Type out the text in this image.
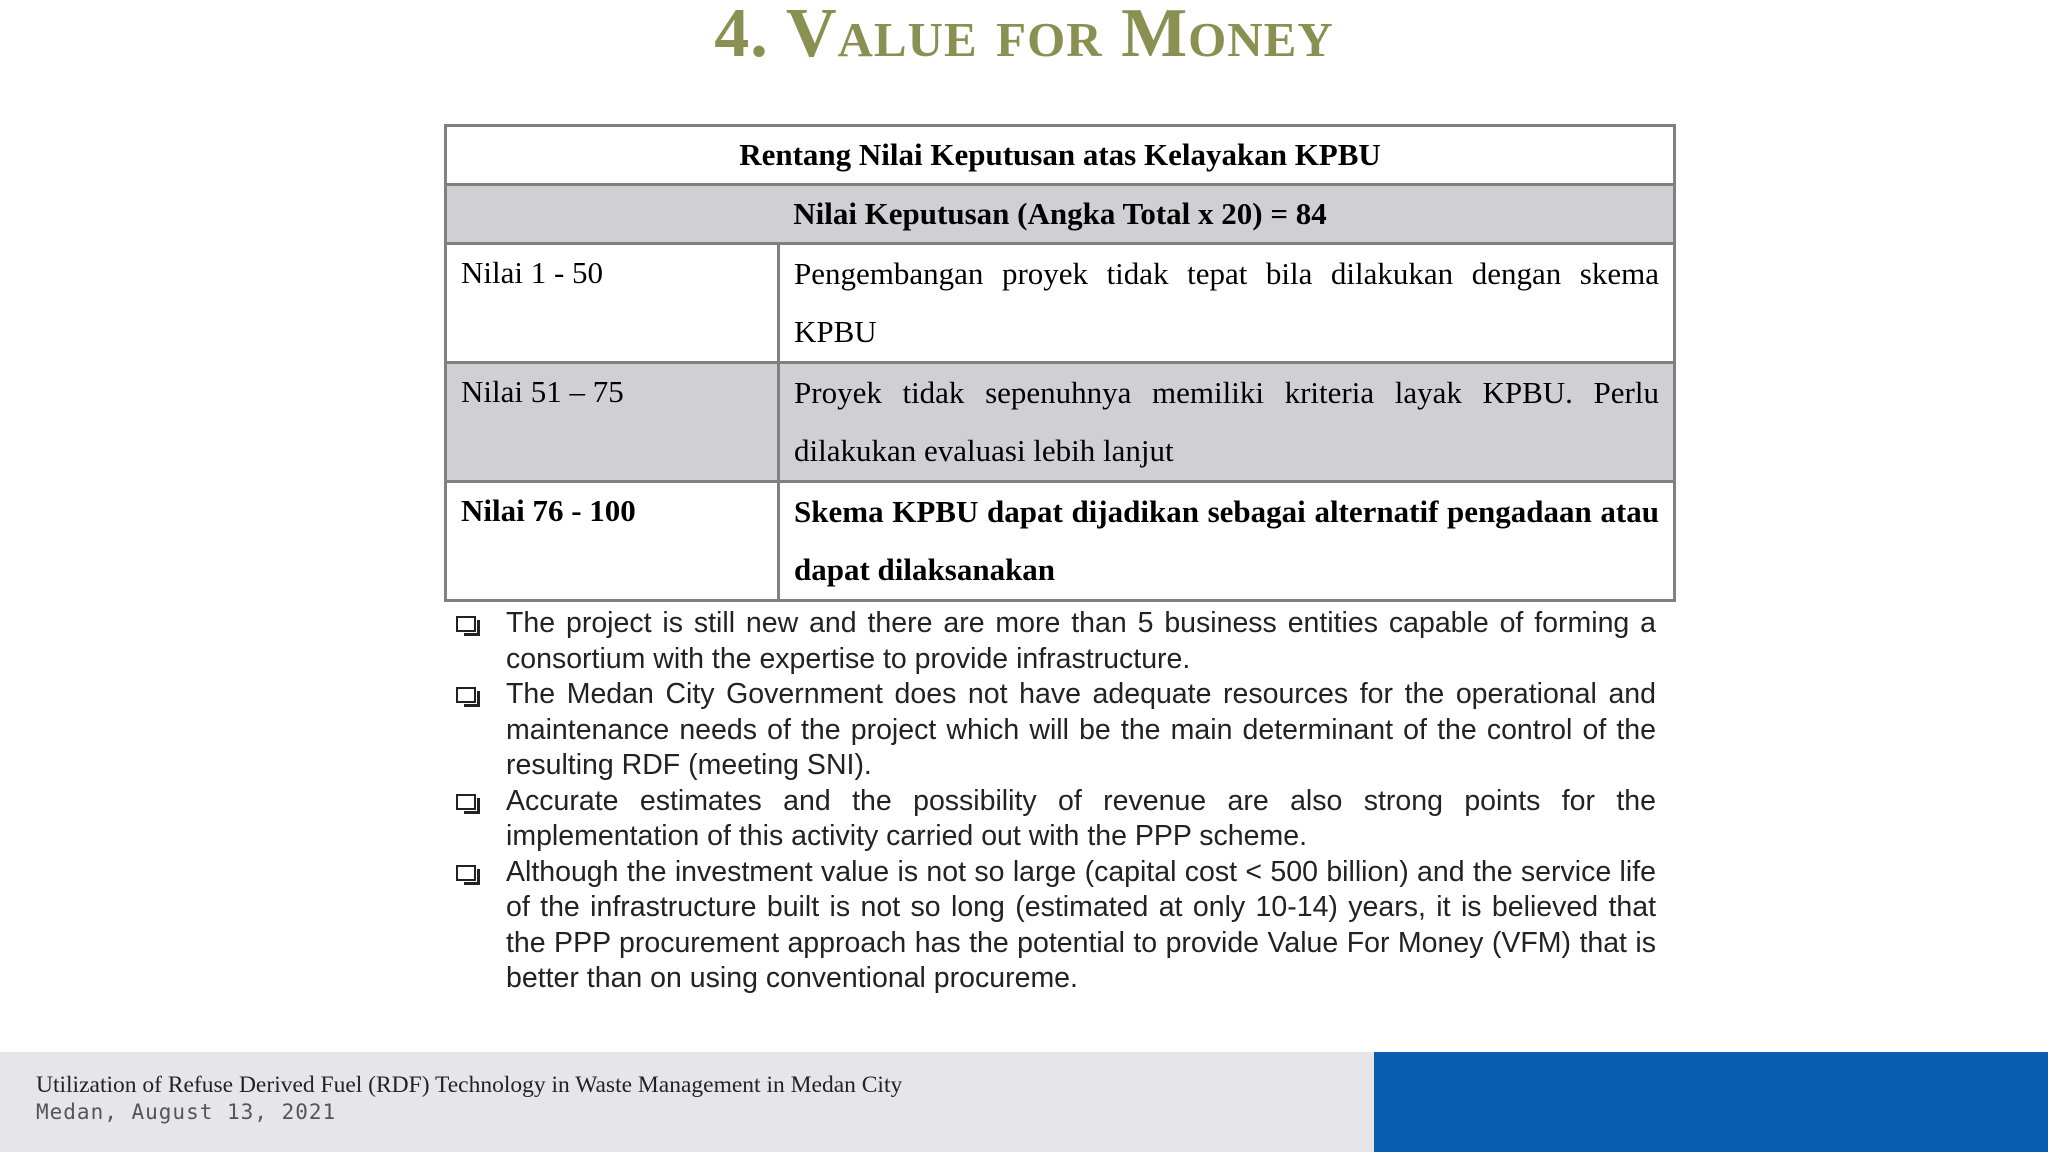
4. Value for Money
Rentang Nilai Keputusan atas Kelayakan KPBU	
Nilai Keputusan (Angka Total x 20) = 84	
Nilai 1 - 50	Pengembangan proyek tidak tepat bila dilakukan dengan skema KPBU
Nilai 51 – 75	Proyek tidak sepenuhnya memiliki kriteria layak KPBU. Perlu dilakukan evaluasi lebih lanjut
Nilai 76 - 100	Skema KPBU dapat dijadikan sebagai alternatif pengadaan atau dapat dilaksanakan
The project is still new and there are more than 5 business entities capable of forming a consortium with the expertise to provide infrastructure.
The Medan City Government does not have adequate resources for the operational and maintenance needs of the project which will be the main determinant of the control of the resulting RDF (meeting SNI).
Accurate estimates and the possibility of revenue are also strong points for the implementation of this activity carried out with the PPP scheme.
Although the investment value is not so large (capital cost < 500 billion) and the service life of the infrastructure built is not so long (estimated at only 10-14) years, it is believed that the PPP procurement approach has the potential to provide Value For Money (VFM) that is better than on using conventional procureme.
Utilization of Refuse Derived Fuel (RDF) Technology in Waste Management in Medan City
Medan, August 13, 2021
